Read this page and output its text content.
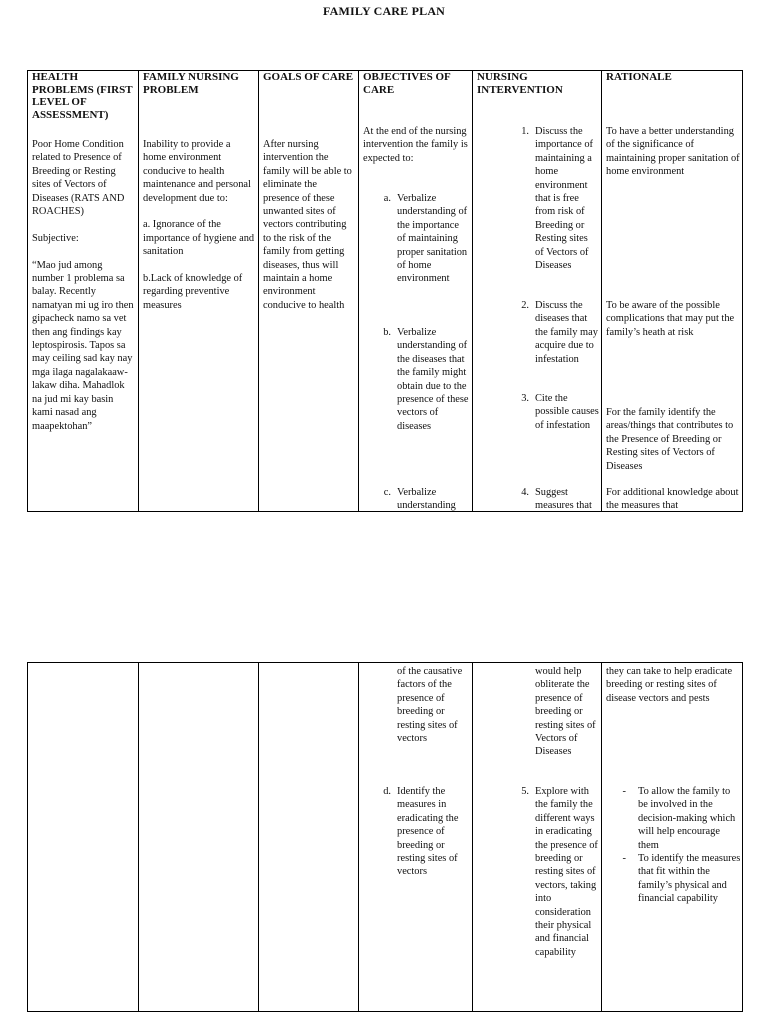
FAMILY CARE PLAN
HEALTH PROBLEMS (FIRST LEVEL OF ASSESSMENT)

Poor Home Condition related to Presence of Breeding or Resting sites of Vectors of Diseases (RATS AND ROACHES)

Subjective:

“Mao jud among number 1 problema sa balay. Recently namatyan mi ug iro then gipacheck namo sa vet then ang findings kay leptospirosis. Tapos sa may ceiling sad kay nay mga ilaga nagalakaaw-lakaw diha. Mahadlok na jud mi kay basin kami nasad ang maapektohan”

FAMILY NURSING PROBLEM

Inability to provide a home environment conducive to health maintenance and personal development due to:

a. Ignorance of the importance of hygiene and sanitation

b.Lack of knowledge of regarding preventive measures

GOALS OF CARE

After nursing intervention the family will be able to eliminate the presence of these unwanted sites of vectors contributing to the risk of the family from getting diseases, thus will maintain a home environment conducive to health

OBJECTIVES OF CARE
At the end of the nursing intervention the family is expected to:
a. Verbalize understanding of the importance of maintaining proper sanitation of home environment
b. Verbalize understanding of the diseases that the family might obtain due to the presence of these vectors of diseases
c. Verbalize understanding
NURSING INTERVENTION
1. Discuss the importance of maintaining a home environment that is free from risk of Breeding or Resting sites of Vectors of Diseases
2. Discuss the diseases that the family may acquire due to infestation
3. Cite the possible causes of infestation
4. Suggest measures that
RATIONALE
To have a better understanding of the significance of maintaining proper sanitation of home environment
To be aware of the possible complications that may put the family’s heath at risk
For the family identify the areas/things that contributes to the Presence of Breeding or Resting sites of Vectors of Diseases
For additional knowledge about the measures that
of the causative factors of the presence of breeding or resting sites of vectors
d. Identify the measures in eradicating the presence of breeding or resting sites of vectors
would help obliterate the presence of breeding or resting sites of Vectors of Diseases
5. Explore with the family the different ways in eradicating the presence of breeding or resting sites of vectors, taking into consideration their physical and financial capability
they can take to help eradicate breeding or resting sites of disease vectors and pests
- To allow the family to be involved in the decision-making which will help encourage them
- To identify the measures that fit within the family’s physical and financial capability
